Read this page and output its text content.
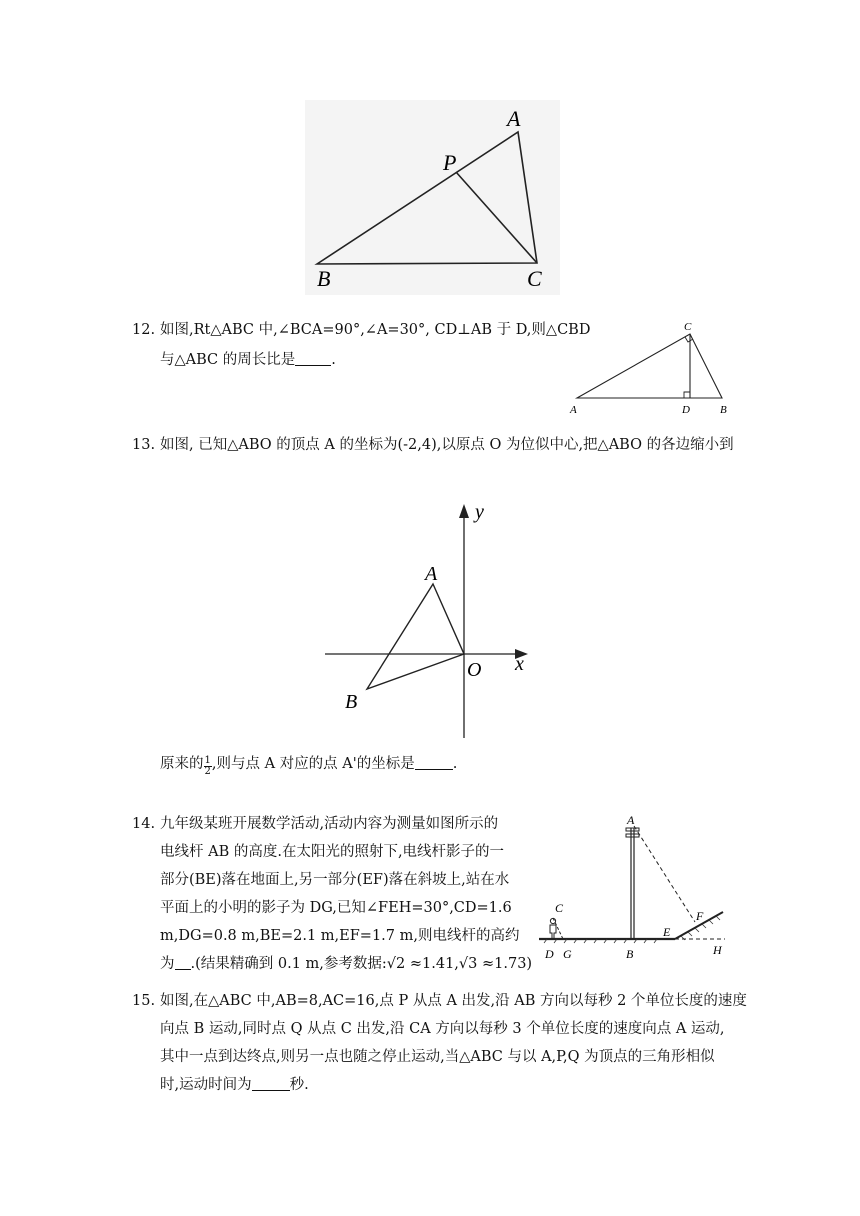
A
P
B	C
12. 如图,Rt△ABC 中,∠BCA=90°,∠A=30°, CD⊥AB 于 D,则△CBD
与△ABC 的周长比是 .
C
A	D	B
13. 如图, 已知△ABO 的顶点 A 的坐标为(-2,4),以原点 O 为位似中心,把△ABO 的各边缩小到
y
x
A
B
O
原来的 $\frac{1}{2}$ ,则与点 A 对应的点 A'的坐标是	.
14. 九年级某班开展数学活动,活动内容为测量如图所示的
电线杆 AB 的高度.在太阳光的照射下,电线杆影子的一
部分(BE)落在地面上,另一部分(EF)落在斜坡上,站在水
平面上的小明的影子为 DG,已知∠FEH=30°,CD=1.6
m,DG=0.8 m,BE=2.1 m,EF=1.7 m,则电线杆的高约
为 .(结果精确到 0.1 m,参考数据:√2 ≈1.41,√3 ≈1.73)
A
C
F
E
D G	B	H
15. 如图,在△ABC 中,AB=8,AC=16,点 P 从点 A 出发,沿 AB 方向以每秒 2 个单位长度的速度
向点 B 运动,同时点 Q 从点 C 出发,沿 CA 方向以每秒 3 个单位长度的速度向点 A 运动,
其中一点到达终点,则另一点也随之停止运动,当△ABC 与以 A,P,Q 为顶点的三角形相似
时,运动时间为	秒.
